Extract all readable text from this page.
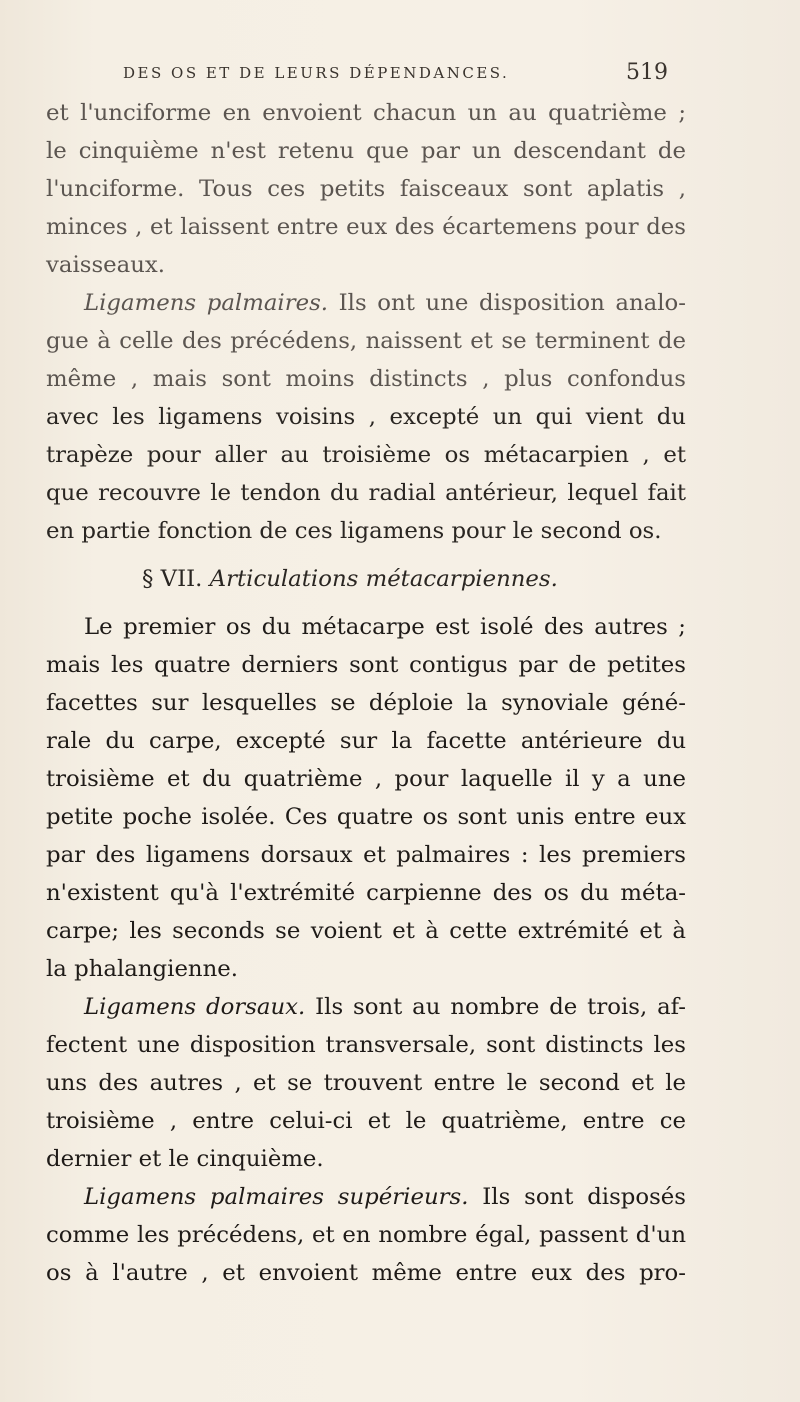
DES OS ET DE LEURS DÉPENDANCES.	519
et l'unciforme en envoient chacun un au quatrième ;
le cinquième n'est retenu que par un descendant de
l'unciforme. Tous ces petits faisceaux sont aplatis ,
minces , et laissent entre eux des écartemens pour des
vaisseaux.
Ligamens palmaires. Ils ont une disposition analo-
gue à celle des précédens, naissent et se terminent de
même , mais sont moins distincts , plus confondus
avec les ligamens voisins , excepté un qui vient du
trapèze pour aller au troisième os métacarpien , et
que recouvre le tendon du radial antérieur, lequel fait
en partie fonction de ces ligamens pour le second os.
§ VII. Articulations métacarpiennes.
Le premier os du métacarpe est isolé des autres ;
mais les quatre derniers sont contigus par de petites
facettes sur lesquelles se déploie la synoviale géné-
rale du carpe, excepté sur la facette antérieure du
troisième et du quatrième , pour laquelle il y a une
petite poche isolée. Ces quatre os sont unis entre eux
par des ligamens dorsaux et palmaires : les premiers
n'existent qu'à l'extrémité carpienne des os du méta-
carpe; les seconds se voient et à cette extrémité et à
la phalangienne.
Ligamens dorsaux. Ils sont au nombre de trois, af-
fectent une disposition transversale, sont distincts les
uns des autres , et se trouvent entre le second et le
troisième , entre celui-ci et le quatrième, entre ce
dernier et le cinquième.
Ligamens palmaires supérieurs. Ils sont disposés
comme les précédens, et en nombre égal, passent d'un
os à l'autre , et envoient même entre eux des pro-
